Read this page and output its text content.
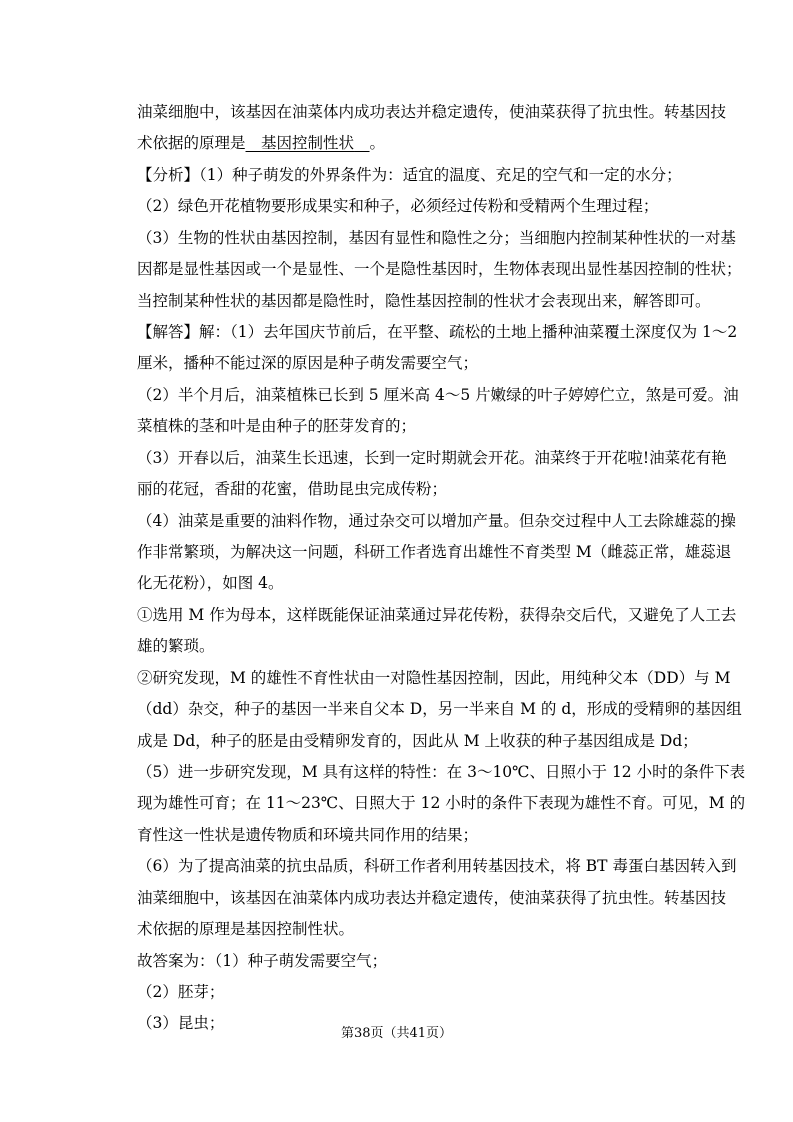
油菜细胞中，该基因在油菜体内成功表达并稳定遗传，使油菜获得了抗虫性。转基因技
术依据的原理是  基因控制性状  。
【分析】（1）种子萌发的外界条件为：适宜的温度、充足的空气和一定的水分；
（2）绿色开花植物要形成果实和种子，必须经过传粉和受精两个生理过程；
（3）生物的性状由基因控制，基因有显性和隐性之分；当细胞内控制某种性状的一对基
因都是显性基因或一个是显性、一个是隐性基因时，生物体表现出显性基因控制的性状；
当控制某种性状的基因都是隐性时，隐性基因控制的性状才会表现出来，解答即可。
【解答】解：（1）去年国庆节前后，在平整、疏松的土地上播种油菜覆土深度仅为 1～2
厘米，播种不能过深的原因是种子萌发需要空气；
（2）半个月后，油菜植株已长到 5 厘米高 4～5 片嫩绿的叶子婷婷伫立，煞是可爱。油
菜植株的茎和叶是由种子的胚芽发育的；
（3）开春以后，油菜生长迅速，长到一定时期就会开花。油菜终于开花啦!油菜花有艳
丽的花冠，香甜的花蜜，借助昆虫完成传粉；
（4）油菜是重要的油料作物，通过杂交可以增加产量。但杂交过程中人工去除雄蕊的操
作非常繁琐，为解决这一问题，科研工作者选育出雄性不育类型 M（雌蕊正常，雄蕊退
化无花粉），如图 4。
①选用 M 作为母本，这样既能保证油菜通过异花传粉，获得杂交后代，又避免了人工去
雄的繁琐。
②研究发现，M 的雄性不育性状由一对隐性基因控制，因此，用纯种父本（DD）与 M
（dd）杂交，种子的基因一半来自父本 D，另一半来自 M 的 d，形成的受精卵的基因组
成是 Dd，种子的胚是由受精卵发育的，因此从 M 上收获的种子基因组成是 Dd；
（5）进一步研究发现，M 具有这样的特性：在 3～10℃、日照小于 12 小时的条件下表
现为雄性可育；在 11～23℃、日照大于 12 小时的条件下表现为雄性不育。可见，M 的
育性这一性状是遗传物质和环境共同作用的结果；
（6）为了提高油菜的抗虫品质，科研工作者利用转基因技术，将 BT 毒蛋白基因转入到
油菜细胞中，该基因在油菜体内成功表达并稳定遗传，使油菜获得了抗虫性。转基因技
术依据的原理是基因控制性状。
故答案为：（1）种子萌发需要空气；
（2）胚芽；
（3）昆虫；
第38页（共41页）
